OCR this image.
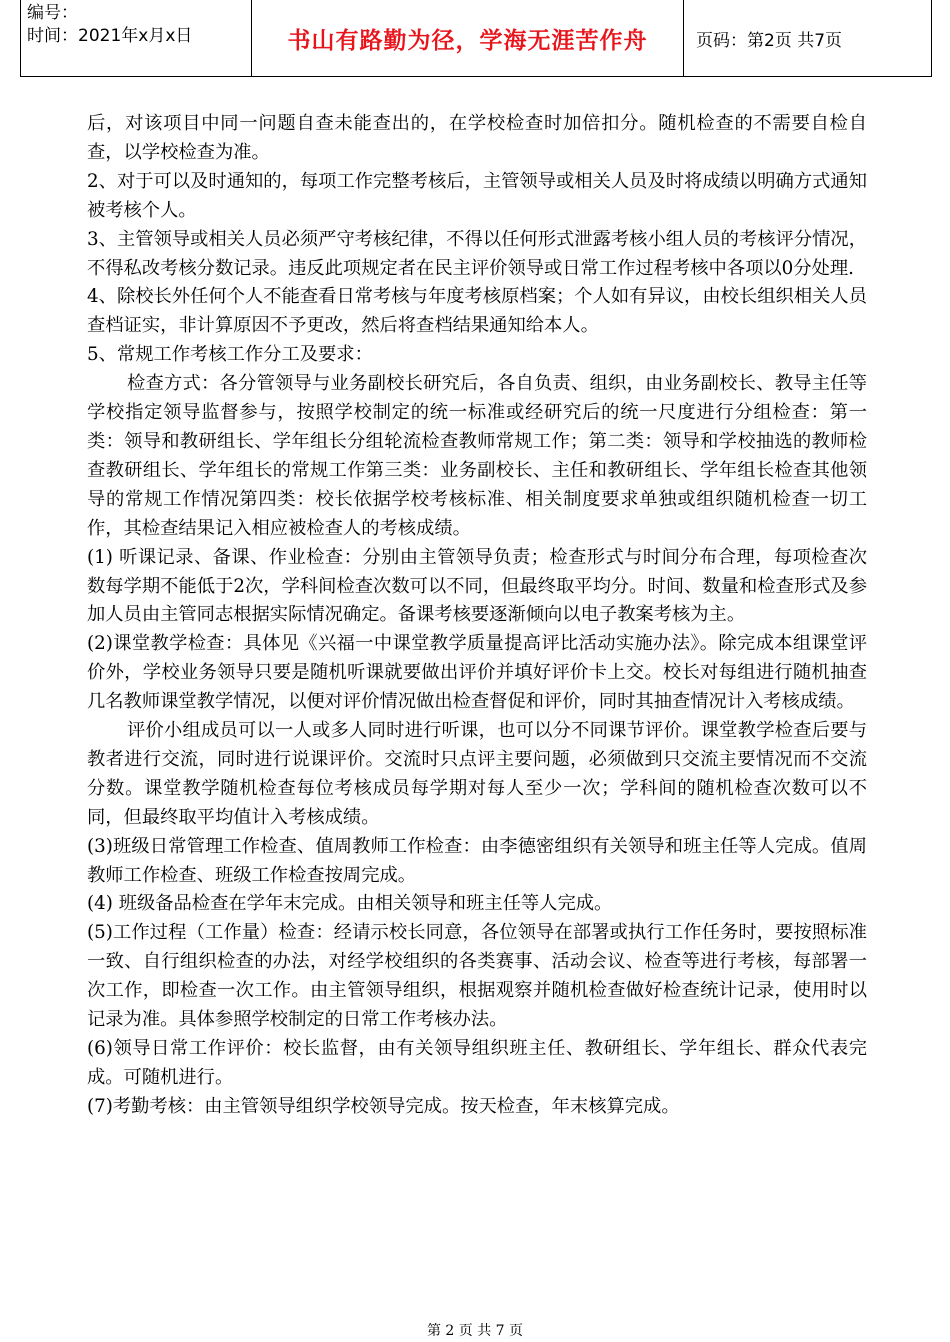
编号：
时间：2021年x月x日	书山有路勤为径，学海无涯苦作舟	页码：第2页 共7页

后，对该项目中同一问题自查未能查出的，在学校检查时加倍扣分。随机检查的不需要自检自查，以学校检查为准。

2、对于可以及时通知的，每项工作完整考核后，主管领导或相关人员及时将成绩以明确方式通知被考核个人。

3、主管领导或相关人员必须严守考核纪律，不得以任何形式泄露考核小组人员的考核评分情况，不得私改考核分数记录。违反此项规定者在民主评价领导或日常工作过程考核中各项以0分处理.

4、除校长外任何个人不能查看日常考核与年度考核原档案；个人如有异议，由校长组织相关人员查档证实，非计算原因不予更改，然后将查档结果通知给本人。

5、常规工作考核工作分工及要求：

检查方式：各分管领导与业务副校长研究后，各自负责、组织，由业务副校长、教导主任等学校指定领导监督参与，按照学校制定的统一标准或经研究后的统一尺度进行分组检查：第一类：领导和教研组长、学年组长分组轮流检查教师常规工作；第二类：领导和学校抽选的教师检查教研组长、学年组长的常规工作第三类：业务副校长、主任和教研组长、学年组长检查其他领导的常规工作情况第四类：校长依据学校考核标准、相关制度要求单独或组织随机检查一切工作，其检查结果记入相应被检查人的考核成绩。

(1) 听课记录、备课、作业检查：分别由主管领导负责；检查形式与时间分布合理，每项检查次数每学期不能低于2次，学科间检查次数可以不同，但最终取平均分。时间、数量和检查形式及参加人员由主管同志根据实际情况确定。备课考核要逐渐倾向以电子教案考核为主。

(2)课堂教学检查：具体见《兴福一中课堂教学质量提高评比活动实施办法》。除完成本组课堂评价外，学校业务领导只要是随机听课就要做出评价并填好评价卡上交。校长对每组进行随机抽查几名教师课堂教学情况，以便对评价情况做出检查督促和评价，同时其抽查情况计入考核成绩。

评价小组成员可以一人或多人同时进行听课，也可以分不同课节评价。课堂教学检查后要与教者进行交流，同时进行说课评价。交流时只点评主要问题，必须做到只交流主要情况而不交流分数。课堂教学随机检查每位考核成员每学期对每人至少一次；学科间的随机检查次数可以不同，但最终取平均值计入考核成绩。

(3)班级日常管理工作检查、值周教师工作检查：由李德密组织有关领导和班主任等人完成。值周教师工作检查、班级工作检查按周完成。

(4) 班级备品检查在学年末完成。由相关领导和班主任等人完成。

(5)工作过程（工作量）检查：经请示校长同意，各位领导在部署或执行工作任务时，要按照标准一致、自行组织检查的办法，对经学校组织的各类赛事、活动会议、检查等进行考核，每部署一次工作，即检查一次工作。由主管领导组织，根据观察并随机检查做好检查统计记录，使用时以记录为准。具体参照学校制定的日常工作考核办法。

(6)领导日常工作评价：校长监督，由有关领导组织班主任、教研组长、学年组长、群众代表完成。可随机进行。

(7)考勤考核：由主管领导组织学校领导完成。按天检查，年末核算完成。

第 2 页 共 7 页
